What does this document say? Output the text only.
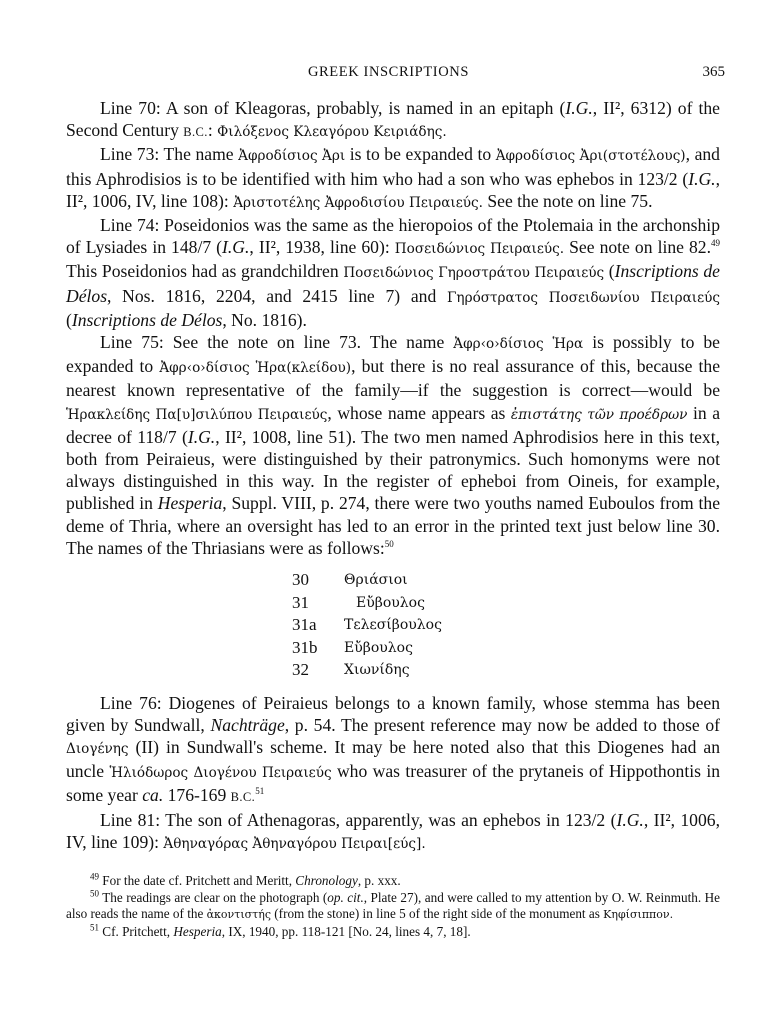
GREEK INSCRIPTIONS	365

Line 70: A son of Kleagoras, probably, is named in an epitaph (I.G., II², 6312) of the Second Century B.C.: Φιλόξενος Κλεαγόρου Κειριάδης.

Line 73: The name Ἀφροδίσιος Ἀρι is to be expanded to Ἀφροδίσιος Ἀρι(στοτέλους), and this Aphrodisios is to be identified with him who had a son who was ephebos in 123/2 (I.G., II², 1006, IV, line 108): Ἀριστοτέλης Ἀφροδισίου Πειραιεύς. See the note on line 75.

Line 74: Poseidonios was the same as the hieropoios of the Ptolemaia in the archonship of Lysiades in 148/7 (I.G., II², 1938, line 60): Ποσειδώνιος Πειραιεύς. See note on line 82.49 This Poseidonios had as grandchildren Ποσειδώνιος Γηροστράτου Πειραιεύς (Inscriptions de Délos, Nos. 1816, 2204, and 2415 line 7) and Γηρόστρατος Ποσειδωνίου Πειραιεύς (Inscriptions de Délos, No. 1816).

Line 75: See the note on line 73. The name Ἀφρ‹ο›δίσιος Ἡρα is possibly to be expanded to Ἀφρ‹ο›δίσιος Ἡρα(κλείδου), but there is no real assurance of this, because the nearest known representative of the family—if the suggestion is correct—would be Ἡρακλείδης Πα[υ]σιλύπου Πειραιεύς, whose name appears as ἐπιστάτης τῶν προέδρων in a decree of 118/7 (I.G., II², 1008, line 51). The two men named Aphrodisios here in this text, both from Peiraieus, were distinguished by their patronymics. Such homonyms were not always distinguished in this way. In the register of epheboi from Oineis, for example, published in Hesperia, Suppl. VIII, p. 274, there were two youths named Euboulos from the deme of Thria, where an oversight has led to an error in the printed text just below line 30. The names of the Thriasians were as follows:$^{50}$

30	Θριάσιοι
31	Εὔβουλος
31a	Τελεσίβουλος
31b	Εὔβουλος
32	Χιωνίδης

Line 76: Diogenes of Peiraieus belongs to a known family, whose stemma has been given by Sundwall, Nachträge, p. 54. The present reference may now be added to those of Διογένης (II) in Sundwall's scheme. It may be here noted also that this Diogenes had an uncle Ἡλιόδωρος Διογένου Πειραιεύς who was treasurer of the prytaneis of Hippothontis in some year ca. 176-169 B.C.$^{51}$

Line 81: The son of Athenagoras, apparently, was an ephebos in 123/2 (I.G., II², 1006, IV, line 109): Ἀθηναγόρας Ἀθηναγόρου Πειραι[εύς].

$^{49}$ For the date cf. Pritchett and Meritt, Chronology, p. xxx.

$^{50}$ The readings are clear on the photograph (op. cit., Plate 27), and were called to my attention by O. W. Reinmuth. He also reads the name of the ἀκοντιστής (from the stone) in line 5 of the right side of the monument as Κηφίσιππον.

$^{51}$ Cf. Pritchett, Hesperia, IX, 1940, pp. 118-121 [No. 24, lines 4, 7, 18].
